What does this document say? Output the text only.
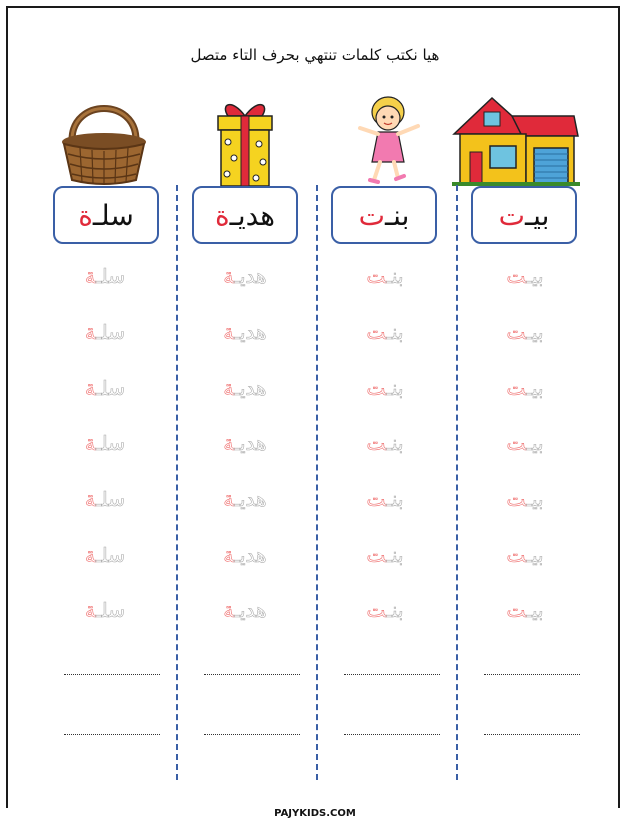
هيا نكتب كلمات تنتهي بحرف التاء متصل
سلـ
ة	هديـ
ة	بنـ
ت	بيـ
ت
سلـة
سلـة
سلـة
سلـة
سلـة
سلـة
سلـة
هديـة
هديـة
هديـة
هديـة
هديـة
هديـة
هديـة
بنـت
بنـت
بنـت
بنـت
بنـت
بنـت
بنـت
بيـت
بيـت
بيـت
بيـت
بيـت
بيـت
بيـت
PAJYKIDS.COM
